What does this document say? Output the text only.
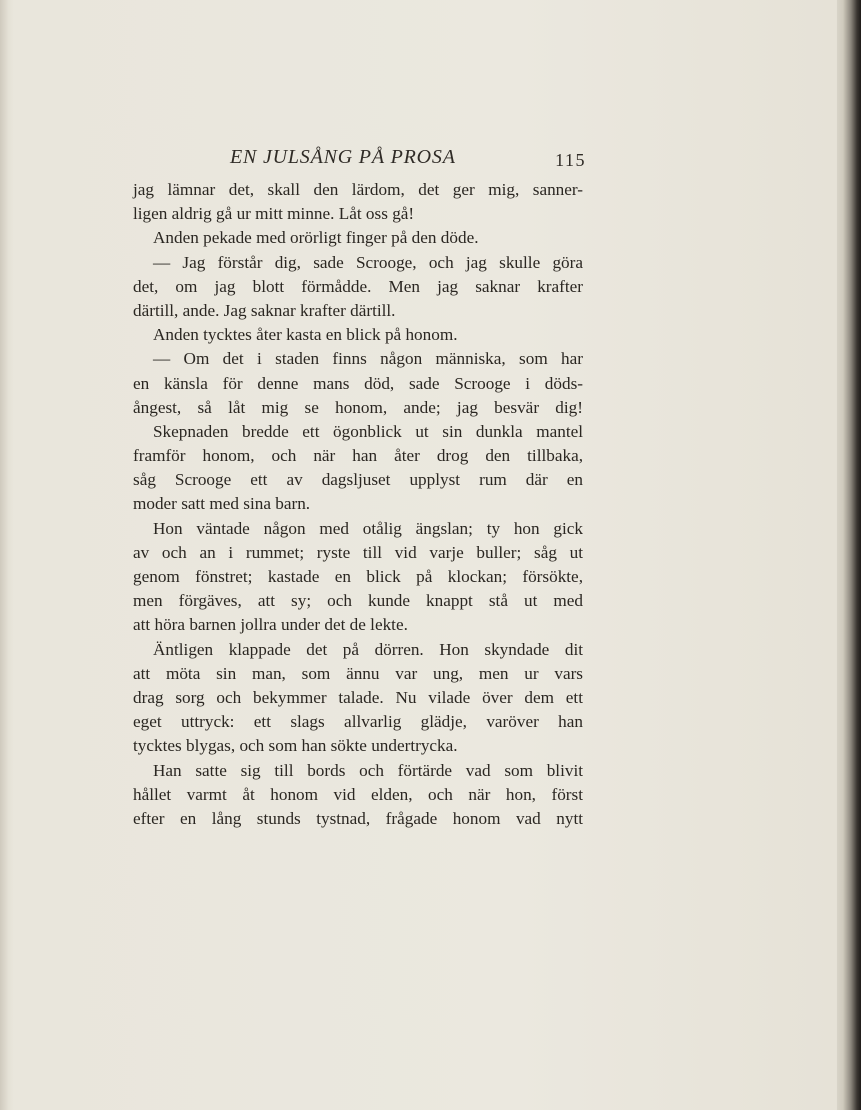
EN JULSÅNG PÅ PROSA	115
jag lämnar det, skall den lärdom, det ger mig, sanner-
ligen aldrig gå ur mitt minne. Låt oss gå!
Anden pekade med orörligt finger på den döde.
— Jag förstår dig, sade Scrooge, och jag skulle göra
det, om jag blott förmådde. Men jag saknar krafter
därtill, ande. Jag saknar krafter därtill.
Anden tycktes åter kasta en blick på honom.
— Om det i staden finns någon människa, som har
en känsla för denne mans död, sade Scrooge i döds-
ångest, så låt mig se honom, ande; jag besvär dig!
Skepnaden bredde ett ögonblick ut sin dunkla mantel
framför honom, och när han åter drog den tillbaka,
såg Scrooge ett av dagsljuset upplyst rum där en
moder satt med sina barn.
Hon väntade någon med otålig ängslan; ty hon gick
av och an i rummet; ryste till vid varje buller; såg ut
genom fönstret; kastade en blick på klockan; försökte,
men förgäves, att sy; och kunde knappt stå ut med
att höra barnen jollra under det de lekte.
Äntligen klappade det på dörren. Hon skyndade dit
att möta sin man, som ännu var ung, men ur vars
drag sorg och bekymmer talade. Nu vilade över dem ett
eget uttryck: ett slags allvarlig glädje, varöver han
tycktes blygas, och som han sökte undertrycka.
Han satte sig till bords och förtärde vad som blivit
hållet varmt åt honom vid elden, och när hon, först
efter en lång stunds tystnad, frågade honom vad nytt
